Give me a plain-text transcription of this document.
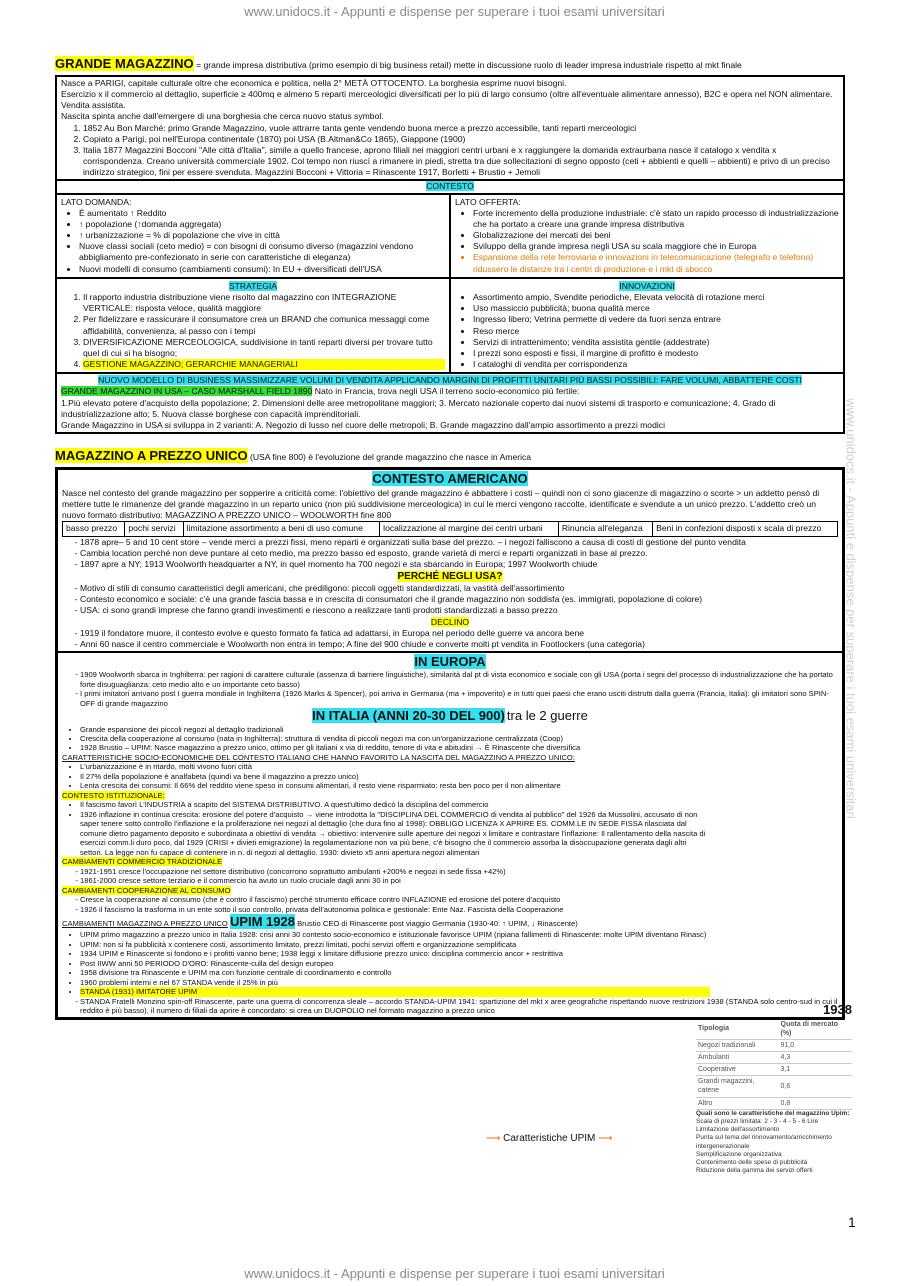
www.unidocs.it - Appunti e dispense per superare i tuoi esami universitari
www.unidocs.it - Appunti e dispense per superare i tuoi esami universitari
www.unidocs.it - Appunti e dispense per superare i tuoi esami universitari
GRANDE MAGAZZINO = grande impresa distributiva (primo esempio di big business retail) mette in discussione ruolo di leader impresa industriale rispetto al mkt finale
Nasce a PARIGI, capitale culturale oltre che economica e politica, nella 2° METÀ OTTOCENTO. La borghesia esprime nuovi bisogni.
Esercizio x il commercio al dettaglio, superficie ≥ 400mq e almeno 5 reparti merceologici diversificati per lo più di largo consumo (oltre all'eventuale alimentare annesso), B2C e opera nel NON alimentare. Vendita assistita.
Nascita spinta anche dall'emergere di una borghesia che cerca nuovo status symbol.
1. 1852 Au Bon Marché: primo Grande Magazzino, vuole attrarre tanta gente vendendo buona merce a prezzo accessibile, tanti reparti merceologici
2. Copiato a Parigi, poi nell'Europa continentale (1870) poi USA (B.Altman&Co 1865), Giappone (1900)
3. Italia 1877 Magazzini Bocconi "Alle città d'Italia", simile a quello francese, aprono filiali nei maggiori centri urbani e x raggiungere la domanda extraurbana nasce il catalogo x vendita x corrispondenza. Creano università commerciale 1902. Col tempo non riuscì a rimanere in piedi, stretta tra due sollecitazioni di segno opposto (ceti + abbienti e quelli – abbienti) e privo di un preciso indirizzo strategico, fini per essere svenduta. Magazzini Bocconi + Vittoria = Rinascente 1917, Borletti + Brustio + Jemoli
CONTESTO
LATO DOMANDA:
• È aumentato ↑ Reddito
• ↑ popolazione (↑domanda aggregata)
• ↑ urbanizzazione = % di popolazione che vive in città
• Nuove classi sociali (ceto medio) = con bisogni di consumo diverso (magazzini vendono abbigliamento pre-confezionato in serie con caratteristiche di eleganza)
• Nuovi modelli di consumo (cambiamenti consumi): In EU + diversificati dell'USA
LATO OFFERTA:
• Forte incremento della produzione industriale: c'è stato un rapido processo di industrializzazione che ha portato a creare una grande impresa distributiva
• Globalizzazione dei mercati dei beni
• Sviluppo della grande impresa negli USA su scala maggiore che in Europa
• Espansione della rete ferroviaria e innovazioni in telecomunicazione (telegrafo e telefono) ridussero le distanze tra i centri di produzione e i mkt di sbocco
STRATEGIA
1. Il rapporto industria distribuzione viene risolto dal magazzino con INTEGRAZIONE VERTICALE: risposta veloce, qualità maggiore
2. Per fidelizzare e rassicurare il consumatore crea un BRAND che comunica messaggi come affidabilità, convenienza, al passo con i tempi
3. DIVERSIFICAZIONE MERCEOLOGICA, suddivisione in tanti reparti diversi per trovare tutto quel di cui si ha bisogno;
4. GESTIONE MAGAZZINO; GERARCHIE MANAGERIALI
INNOVAZIONI
• Assortimento ampio, Svendite periodiche, Elevata velocità di rotazione merci
• Uso massiccio pubblicità; buona qualità merce
• Ingresso libero; Vetrina permette di vedere da fuori senza entrare
• Reso merce
• Servizi di intrattenimento; vendita assistita gentile (addestrate)
• I prezzi sono esposti e fissi, il margine di profitto è modesto
• I cataloghi di vendita per corrispondenza
NUOVO MODELLO DI BUSINESS MASSIMIZZARE VOLUMI DI VENDITA APPLICANDO MARGINI DI PROFITTI UNITARI PIÙ BASSI POSSIBILI: FARE VOLUMI, ABBATTERE COSTI
GRANDE MAGAZZINO IN USA – CASO MARSHALL FIELD 1890 Nato in Francia, trova negli USA il terreno socio-economico più fertile:
1.Più elevato potere d'acquisto della popolazione; 2. Dimensioni delle aree metropolitane maggiori; 3. Mercato nazionale coperto dai nuovi sistemi di trasporto e comunicazione; 4. Grado di industrializzazione alto; 5. Nuova classe borghese con capacità imprenditoriali.
Grande Magazzino in USA si sviluppa in 2 varianti: A. Negozio di lusso nel cuore delle metropoli; B. Grande magazzino dall'ampio assortimento a prezzi modici
MAGAZZINO A PREZZO UNICO (USA fine 800) è l'evoluzione del grande magazzino che nasce in America
CONTESTO AMERICANO
Nasce nel contesto del grande magazzino per sopperire a criticità come: l'obiettivo del grande magazzino è abbattere i costi – quindi non ci sono giacenze di magazzino o scorte > un addetto pensò di mettere tutte le rimanenze del grande magazzino in un reparto unico (non più suddivisione merceologica) in cui le merci vengono raccolte, identificate e svendute a un unico prezzo. L'addetto creò un nuovo formato distributivo: MAGAZZINO A PREZZO UNICO – WOOLWORTH fine 800
basso prezzo	pochi servizi	limitazione assortimento a beni di uso comune	localizzazione al margine dei centri urbani	Rinuncia all'eleganza	Beni in confezioni disposti x scala di prezzo
- 1878 apre– 5 and 10 cent store – vende merci a prezzi fissi, meno reparti e organizzati sulla base del prezzo. – i negozi falliscono a causa di costi di gestione del punto vendita
- Cambia location perché non deve puntare al ceto medio, ma prezzo basso ed esposto, grande varietà di merci e reparti organizzati in base al prezzo.
- 1897 apre a NY; 1913 Woolworth headquarter a NY, in quel momento ha 700 negozi e sta sbarcando in Europa; 1997 Woolworth chiude
PERCHÉ NEGLI USA?
- Motivo di stili di consumo caratteristici degli americani, che prediligono: piccoli oggetti standardizzati, la vastità dell'assortimento
- Contesto economico e sociale: c'è una grande fascia bassa e in crescita di consumatori che il grande magazzino non soddisfa (es. immigrati, popolazione di colore)
- USA: ci sono grandi imprese che fanno grandi investimenti e riescono a realizzare tanti prodotti standardizzati a basso prezzo
DECLINO
- 1919 il fondatore muore, il contesto evolve e questo formato fa fatica ad adattarsi, in Europa nel periodo delle guerre va ancora bene
- Anni 60 nasce il centro commerciale e Woolworth non entra in tempo; A fine del 900 chiude e converte molti pt vendita in Footlockers (una categoria)
IN EUROPA
- 1909 Woolworth sbarca in Inghilterra: per ragioni di carattere culturale (assenza di barriere linguistiche), similarità dal pt di vista economico e sociale con gli USA (porta i segni del processo di industrializzazione che ha portato forte disuguaglianza: ceto medio alto e un importante ceto basso)
- I primi imitatori arrivano post I guerra mondiale in Inghilterra (1926 Marks & Spencer), poi arriva in Germania (ma + impoverito) e in tutti quei paesi che erano usciti distrutti dalla guerra (Francia, Italia): gli imitatori sono SPIN-OFF di grande magazzino
IN ITALIA (ANNI 20-30 DEL 900) tra le 2 guerre
• Grande espansione dei piccoli negozi al dettaglio tradizionali
• Crescita della cooperazione al consumo (nata in Inghilterra): struttura di vendita di piccoli negozi ma con un'organizzazione centralizzata (Coop)
• 1928 Brustio – UPIM: Nasce magazzino a prezzo unico, ottimo per gli italiani x via di reddito, tenore di vita e abitudini → È Rinascente che diversifica
CARATTERISTICHE SOCIO-ECONOMICHE DEL CONTESTO ITALIANO CHE HANNO FAVORITO LA NASCITA DEL MAGAZZINO A PREZZO UNICO:
• L'urbanizzazione è in ritardo, molti vivono fuori città
• Il 27% della popolazione è analfabeta (quindi va bene il magazzino a prezzo unico)
• Lenta crescita dei consumi: Il 66% del reddito viene speso in consumi alimentari, il resto viene risparmiato: resta ben poco per il non alimentare
CONTESTO ISTITUZIONALE:
• Il fascismo favorì L'INDUSTRIA a scapito del SISTEMA DISTRIBUTIVO. A quest'ultimo dedicò la disciplina del commercio
• 1926 inflazione in continua crescita: erosione del potere d'acquisto → viene introdotta la "DISCIPLINA DEL COMMERCIO di vendita al pubblico" del 1926 da Mussolini, accusato di non saper tenere sotto controllo l'inflazione e la proliferazione nei negozi al dettaglio (che dura fino al 1998): OBBLIGO LICENZA X APRIRE ES. COMM.LE IN SEDE FISSA rilasciata dal comune dietro pagamento deposito e subordinata a obiettivi di vendita → obiettivo: intervenire sulle aperture dei negozi x limitare e contrastare l'inflazione: Il rallentamento della nascita di esercizi comm.li duro poco, dal 1929 (CRISI + divieti emigrazione) la regolamentazione non va più bene, c'è bisogno che il commercio assorba la disoccupazione generata dagli altri settori. La legge non fu capace di contenere in n. di negozi al dettaglio. 1930: divieto x5 anni apertura negozi alimentari
CAMBIAMENTI COMMERCIO TRADIZIONALE
- 1921-1951 cresce l'occupazione nel settore distributivo (concorrono soprattutto ambulanti +200% e negozi in sede fissa +42%)
- 1861-2000 cresce settore terziario e il commercio ha avuto un ruolo cruciale dagli anni 30 in poi
CAMBIAMENTI COOPERAZIONE AL CONSUMO
- Cresce la cooperazione al consumo (che è contro il fascismo) perché strumento efficace contro INFLAZIONE ed erosione del potere d'acquisto
- 1926 il fascismo la trasforma in un ente sotto il suo controllo, privata dell'autonomia politica e gestionale: Ente Naz. Fascista della Cooperazione
CAMBIAMENTI MAGAZZINO A PREZZO UNICO UPIM 1928 Brustio CEO di Rinascente post viaggio Germania (1930-40: ↑ UPIM, ↓ Rinascente)
• UPIM primo magazzino a prezzo unico in Italia 1928: crisi anni 30 contesto socio-economico e istituzionale favorisce UPIM (ripiana fallimenti di Rinascente: molte UPIM diventano Rinasc)
• UPIM: non si fa pubblicità x contenere costi, assortimento limitato, prezzi limitati, pochi servizi offerti e organizzazione semplificata
• 1934 UPIM e Rinascente si fondono e i profitti vanno bene; 1938 leggi x limitare diffusione prezzo unico: disciplina commercio ancor + restrittiva
• Post IIWW anni 50 PERIODO D'ORO: Rinascente-culla del design europeo
• 1958 divisione tra Rinascente e UPIM ma con funzione centrale di coordinamento e controllo
• 1960 problemi interni e nel 67 STANDA vende il 25% in più
• STANDA (1931) IMITATORE UPIM
- STANDA Fratelli Monzino spin-off Rinascente, parte una guerra di concorrenza sleale – accordo STANDA-UPIM 1941: spartizione del mkt x aree geografiche rispettando nuove restrizioni 1938 (STANDA solo centro-sud in cui il reddito è più basso), il numero di filiali da aprire è concordato: si crea un DUOPOLIO nel formato magazzino a prezzo unico	1938
Tipologia	Quota di mercato (%)
Negozi tradizionali	91,0
Ambulanti	4,3
Cooperative	3,1
Grandi magazzini, catene	0,6
Altro	0,8
Quali sono le caratteristiche del magazzino Upim:
Scala di prezzi limitata: 2 - 3 - 4 - 5 - 6 Lire
Limitazione dell'assortimento
Punta sul tema del rinnovamento/arricchimento intergenerazionale
Semplificazione organizzativa
Contenimento delle spese di pubblicità
Riduzione della gamma dei servizi offerti
⟶ Caratteristiche UPIM ⟶
1
